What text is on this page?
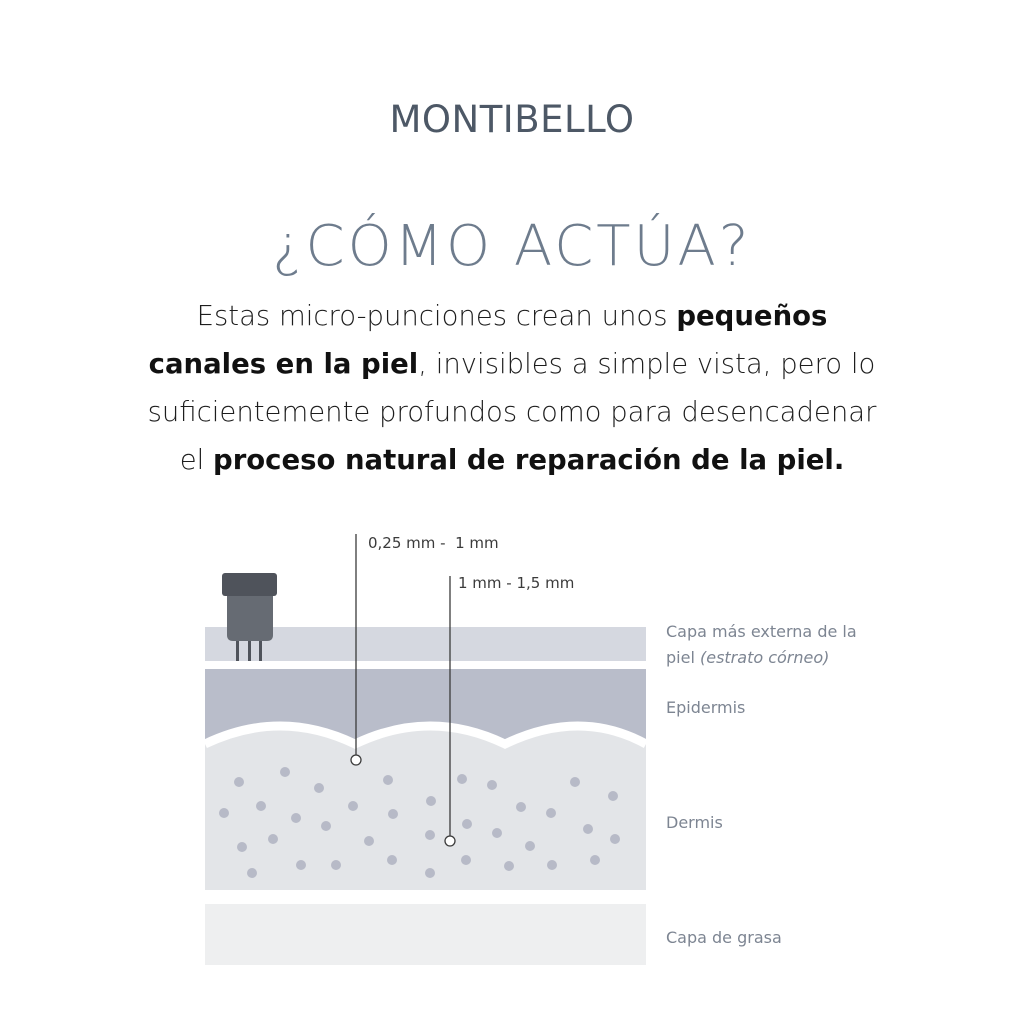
MONTIBELLO
¿CÓMO ACTÚA?
Estas micro-punciones crean unos pequeños
canales en la piel, invisibles a simple vista, pero lo
suficientemente profundos como para desencadenar
el proceso natural de reparación de la piel.
0,25 mm -  1 mm
1 mm - 1,5 mm
Capa más externa de la
piel (estrato córneo)
Epidermis
Dermis
Capa de grasa
